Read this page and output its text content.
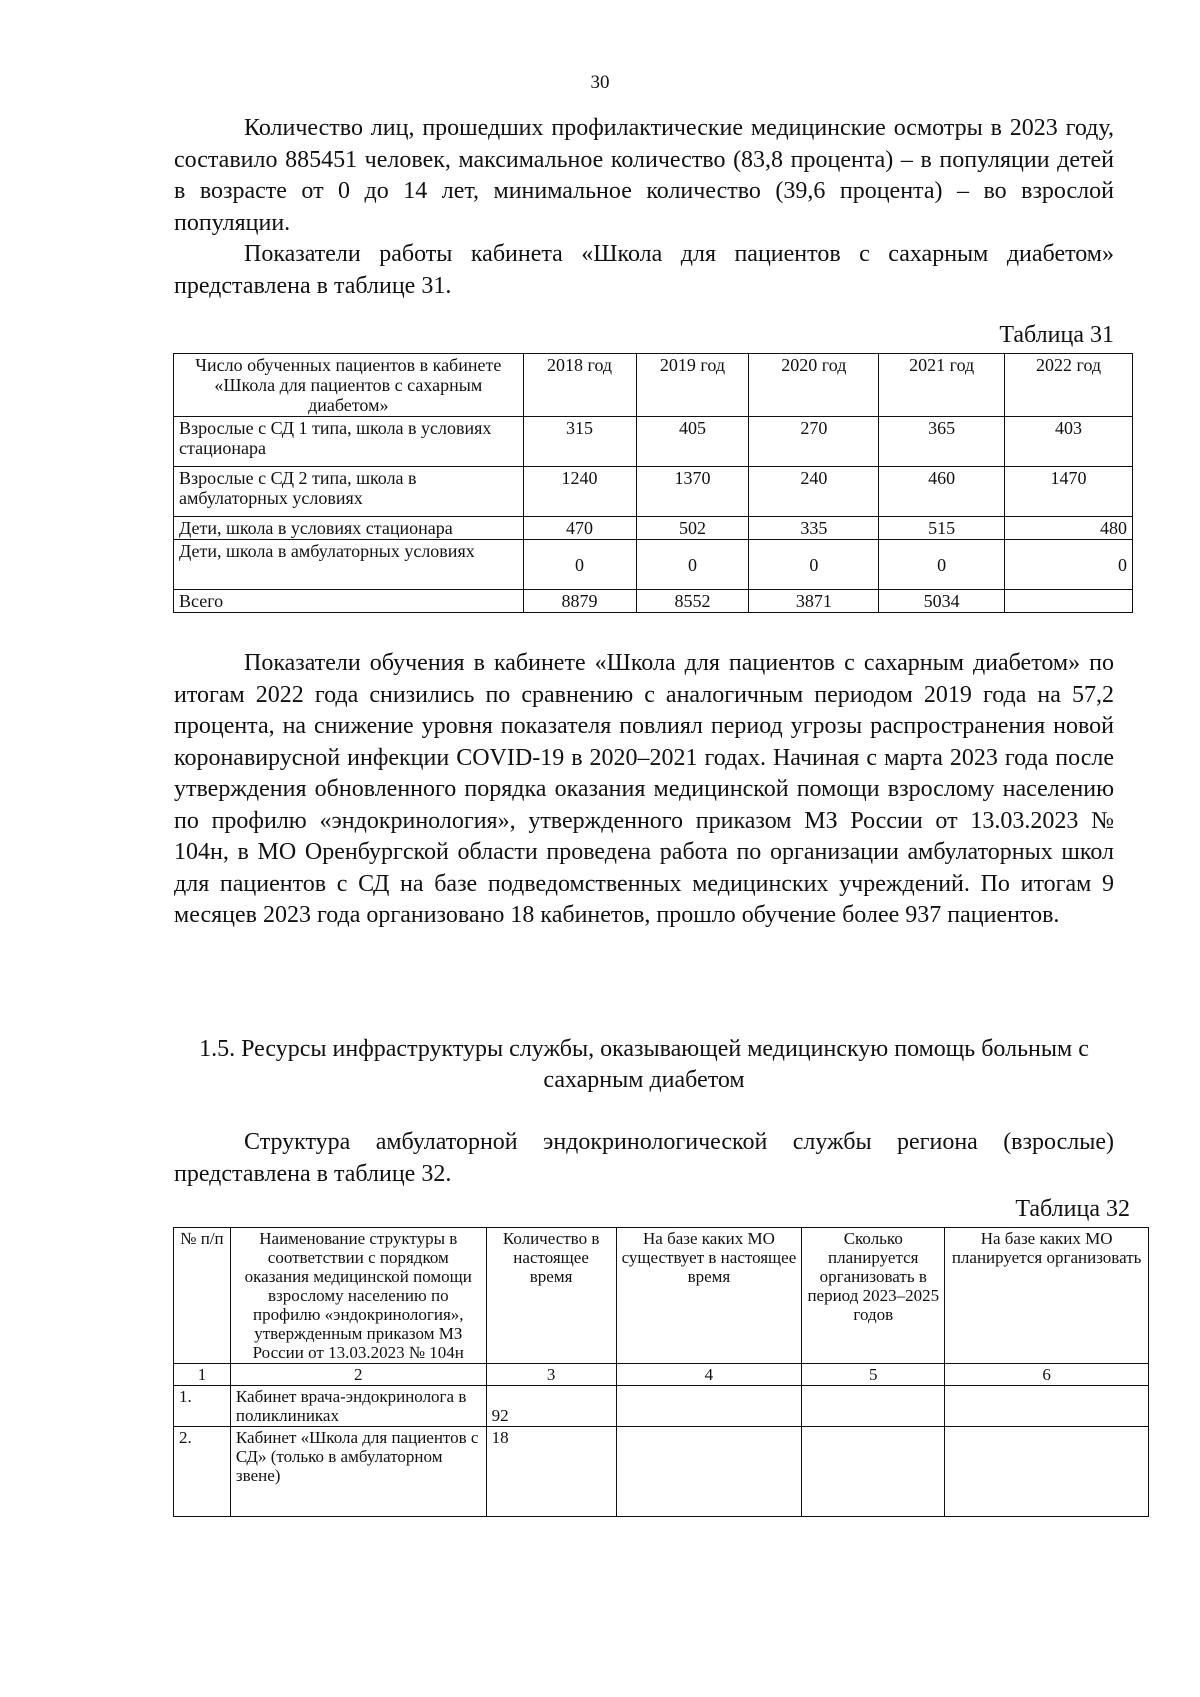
30

Количество лиц, прошедших профилактические медицинские осмотры в 2023 году, составило 885451 человек, максимальное количество (83,8 процента) – в популяции детей в возрасте от 0 до 14 лет, минимальное количество (39,6 процента) – во взрослой популяции.

Показатели работы кабинета «Школа для пациентов с сахарным диабетом» представлена в таблице 31.

Таблица 31
Число обученных пациентов в кабинете «Школа для пациентов с сахарным диабетом»	2018 год	2019 год	2020 год	2021 год	2022 год
Взрослые с СД 1 типа, школа в условиях стационара	315	405	270	365	403
Взрослые с СД 2 типа, школа в амбулаторных условиях	1240	1370	240	460	1470
Дети, школа в условиях стационара	470	502	335	515	480
Дети, школа в амбулаторных условиях	0	0	0	0	0
Всего	8879	8552	3871	5034	

Показатели обучения в кабинете «Школа для пациентов с сахарным диабетом» по итогам 2022 года снизились по сравнению с аналогичным периодом 2019 года на 57,2 процента, на снижение уровня показателя повлиял период угрозы распространения новой коронавирусной инфекции COVID-19 в 2020–2021 годах. Начиная с марта 2023 года после утверждения обновленного порядка оказания медицинской помощи взрослому населению по профилю «эндокринология», утвержденного приказом МЗ России от 13.03.2023 № 104н, в МО Оренбургской области проведена работа по организации амбулаторных школ для пациентов с СД на базе подведомственных медицинских учреждений. По итогам 9 месяцев 2023 года организовано 18 кабинетов, прошло обучение более 937 пациентов.

1.5. Ресурсы инфраструктуры службы, оказывающей медицинскую помощь больным с сахарным диабетом

Структура амбулаторной эндокринологической службы региона (взрослые) представлена в таблице 32.

Таблица 32
№ п/п	Наименование структуры в соответствии с порядком оказания медицинской помощи взрослому населению по профилю «эндокринология», утвержденным приказом МЗ России от 13.03.2023 № 104н	Количество в настоящее время	На базе каких МО существует в настоящее время	Сколько планируется организовать в период 2023–2025 годов	На базе каких МО планируется организовать
1	2	3	4	5	6
1.	Кабинет врача-эндокринолога в поликлиниках	92			
2.	Кабинет «Школа для пациентов с СД» (только в амбулаторном звене)	18			
